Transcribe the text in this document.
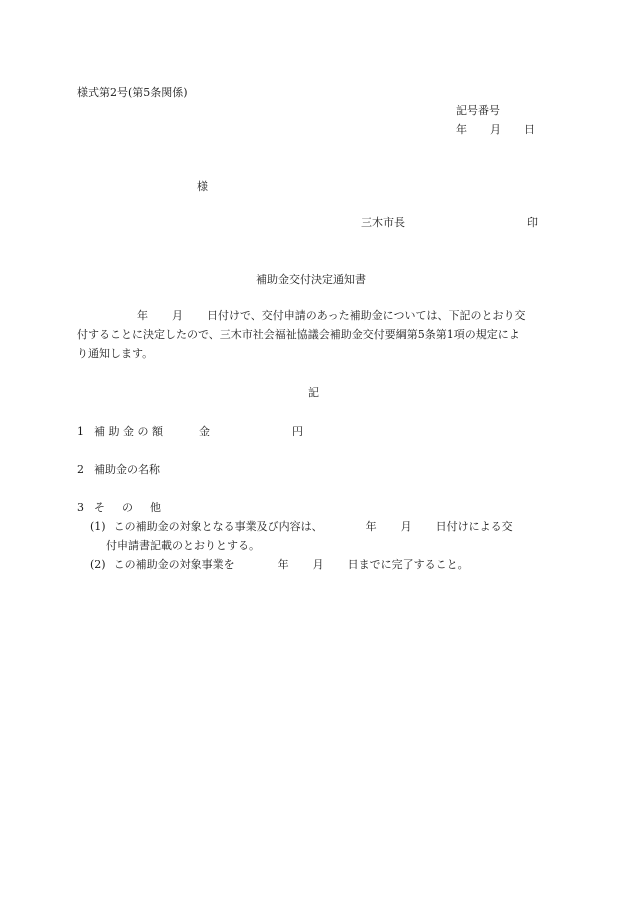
様式第2号(第5条関係)
記号番号
年 月 日
様
三木市長	印
補助金交付決定通知書
年 月 日付けで、交付申請のあった補助金については、下記のとおり交
付することに決定したので、三木市社会福祉協議会補助金交付要綱第5条第1項の規定によ
り通知します。
記
1 補 助 金 の 額	金	円
2 補助金の名称
3 そ の 他
(1) この補助金の対象となる事業及び内容は、	年 月 日付けによる交
付申請書記載のとおりとする。
(2) この補助金の対象事業を	年 月 日までに完了すること。
